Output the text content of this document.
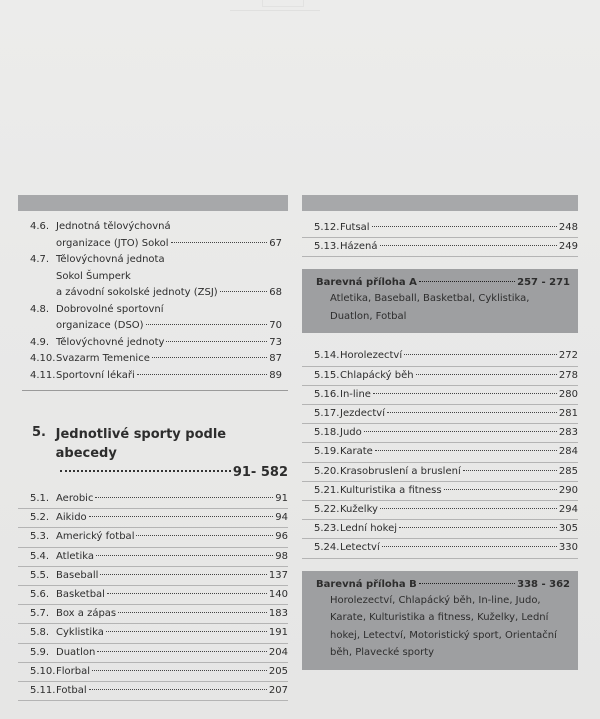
4.6. Jednotná tělovýchovná
organizace (JTO) Sokol	67
4.7. Tělovýchovná jednota
Sokol Šumperk
a závodní sokolské jednoty (ZSJ)	68
4.8. Dobrovolné sportovní
organizace (DSO)	70
4.9. Tělovýchovné jednoty	73
4.10. Svazarm Temenice	87
4.11. Sportovní lékaři	89
5. Jednotlivé sporty podle abecedy
91- 582
5.1. Aerobic	91
5.2. Aikido	94
5.3. Americký fotbal	96
5.4. Atletika	98
5.5. Baseball	137
5.6. Basketbal	140
5.7. Box a zápas	183
5.8. Cyklistika	191
5.9. Duatlon	204
5.10. Florbal	205
5.11. Fotbal	207
5.12. Futsal	248
5.13. Házená	249
Barevná příloha A	257 - 271
Atletika, Baseball, Basketbal, Cyklistika, Duatlon, Fotbal
5.14. Horolezectví	272
5.15. Chlapácký běh	278
5.16. In-line	280
5.17. Jezdectví	281
5.18. Judo	283
5.19. Karate	284
5.20. Krasobruslení a bruslení	285
5.21. Kulturistika a fitness	290
5.22. Kuželky	294
5.23. Lední hokej	305
5.24. Letectví	330
Barevná příloha B	338 - 362
Horolezectví, Chlapácký běh, In-line, Judo, Karate, Kulturistika a fitness, Kuželky, Lední hokej, Letectví, Motoristický sport, Orientační běh, Plavecké sporty
